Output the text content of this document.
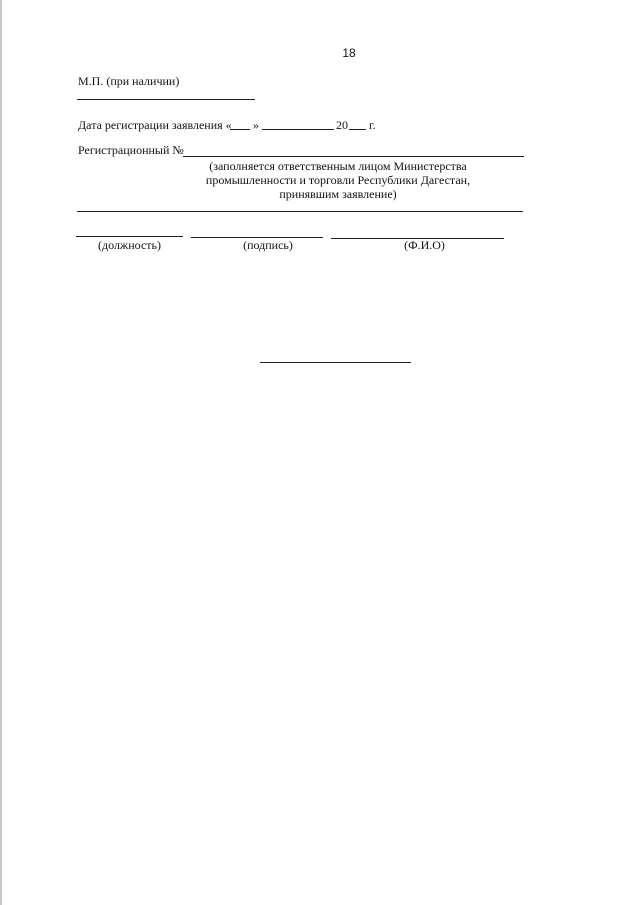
18
М.П. (при наличии)
Дата регистрации заявления « »	20 г.
Регистрационный №
(заполняется ответственным лицом Министерства
промышленности и торговли Республики Дагестан,
принявшим заявление)
(должность)	(подпись)	(Ф.И.О)
